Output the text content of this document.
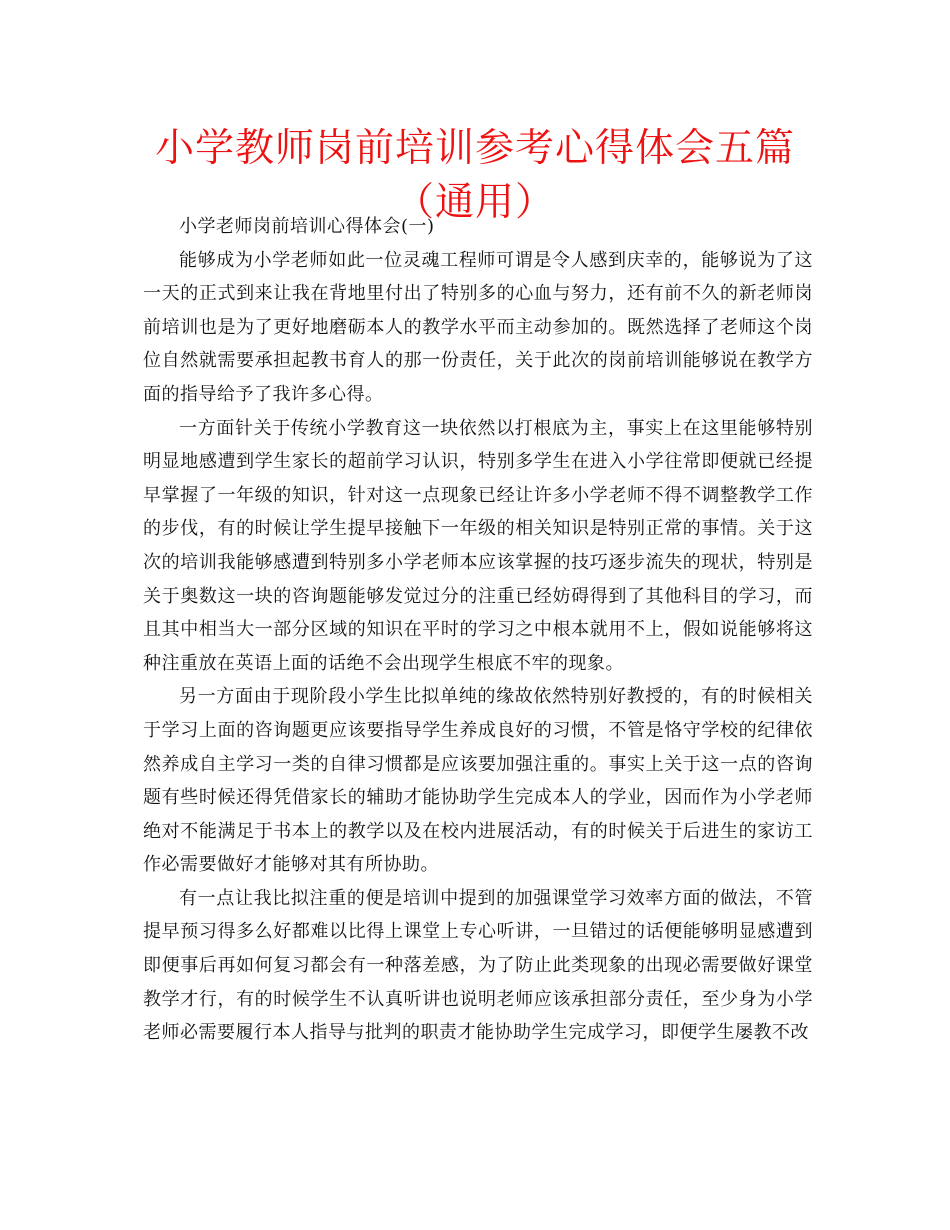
小学教师岗前培训参考心得体会五篇（通用）

小学老师岗前培训心得体会(一)

能够成为小学老师如此一位灵魂工程师可谓是令人感到庆幸的，能够说为了这一天的正式到来让我在背地里付出了特别多的心血与努力，还有前不久的新老师岗前培训也是为了更好地磨砺本人的教学水平而主动参加的。既然选择了老师这个岗位自然就需要承担起教书育人的那一份责任，关于此次的岗前培训能够说在教学方面的指导给予了我许多心得。

一方面针关于传统小学教育这一块依然以打根底为主，事实上在这里能够特别明显地感遭到学生家长的超前学习认识，特别多学生在进入小学往常即便就已经提早掌握了一年级的知识，针对这一点现象已经让许多小学老师不得不调整教学工作的步伐，有的时候让学生提早接触下一年级的相关知识是特别正常的事情。关于这次的培训我能够感遭到特别多小学老师本应该掌握的技巧逐步流失的现状，特别是关于奥数这一块的咨询题能够发觉过分的注重已经妨碍得到了其他科目的学习，而且其中相当大一部分区域的知识在平时的学习之中根本就用不上，假如说能够将这种注重放在英语上面的话绝不会出现学生根底不牢的现象。

另一方面由于现阶段小学生比拟单纯的缘故依然特别好教授的，有的时候相关于学习上面的咨询题更应该要指导学生养成良好的习惯，不管是恪守学校的纪律依然养成自主学习一类的自律习惯都是应该要加强注重的。事实上关于这一点的咨询题有些时候还得凭借家长的辅助才能协助学生完成本人的学业，因而作为小学老师绝对不能满足于书本上的教学以及在校内进展活动，有的时候关于后进生的家访工作必需要做好才能够对其有所协助。

有一点让我比拟注重的便是培训中提到的加强课堂学习效率方面的做法，不管提早预习得多么好都难以比得上课堂上专心听讲，一旦错过的话便能够明显感遭到即便事后再如何复习都会有一种落差感，为了防止此类现象的出现必需要做好课堂教学才行，有的时候学生不认真听讲也说明老师应该承担部分责任，至少身为小学老师必需要履行本人指导与批判的职责才能协助学生完成学习，即便学生屡教不改
